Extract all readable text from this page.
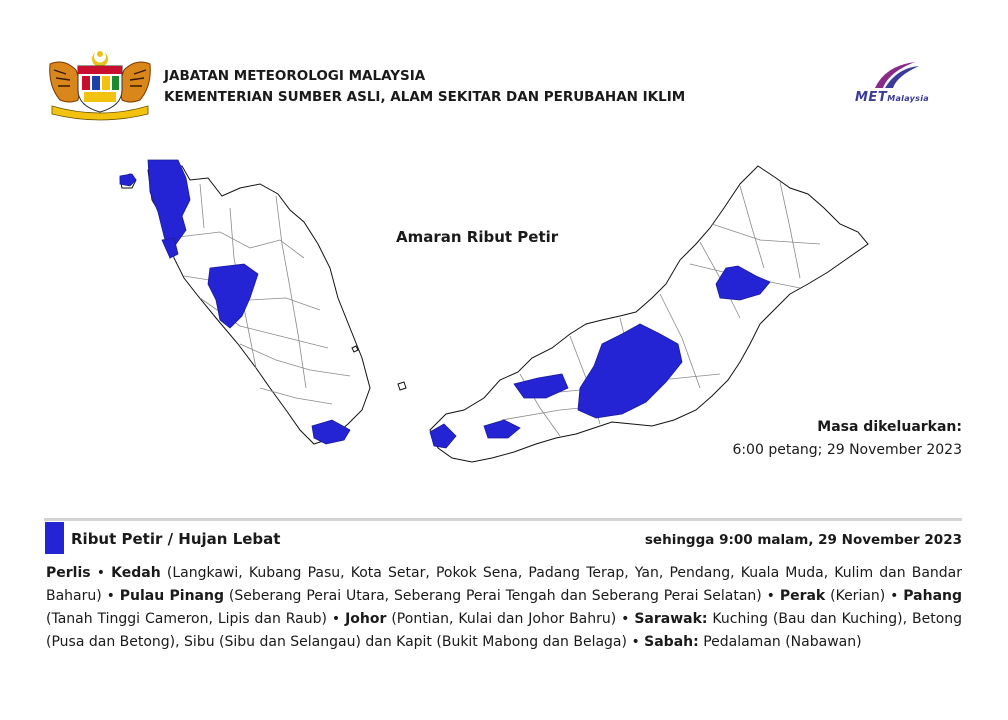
JABATAN METEOROLOGI MALAYSIA
KEMENTERIAN SUMBER ASLI, ALAM SEKITAR DAN PERUBAHAN IKLIM	METMalaysia
Amaran Ribut Petir
Masa dikeluarkan:
6:00 petang; 29 November 2023
Ribut Petir / Hujan Lebat	sehingga 9:00 malam, 29 November 2023
Perlis • Kedah (Langkawi, Kubang Pasu, Kota Setar, Pokok Sena, Padang Terap, Yan, Pendang, Kuala Muda, Kulim dan Bandar Baharu) • Pulau Pinang (Seberang Perai Utara, Seberang Perai Tengah dan Seberang Perai Selatan) • Perak (Kerian) • Pahang (Tanah Tinggi Cameron, Lipis dan Raub) • Johor (Pontian, Kulai dan Johor Bahru) • Sarawak: Kuching (Bau dan Kuching), Betong (Pusa dan Betong), Sibu (Sibu dan Selangau) dan Kapit (Bukit Mabong dan Belaga) • Sabah: Pedalaman (Nabawan)
